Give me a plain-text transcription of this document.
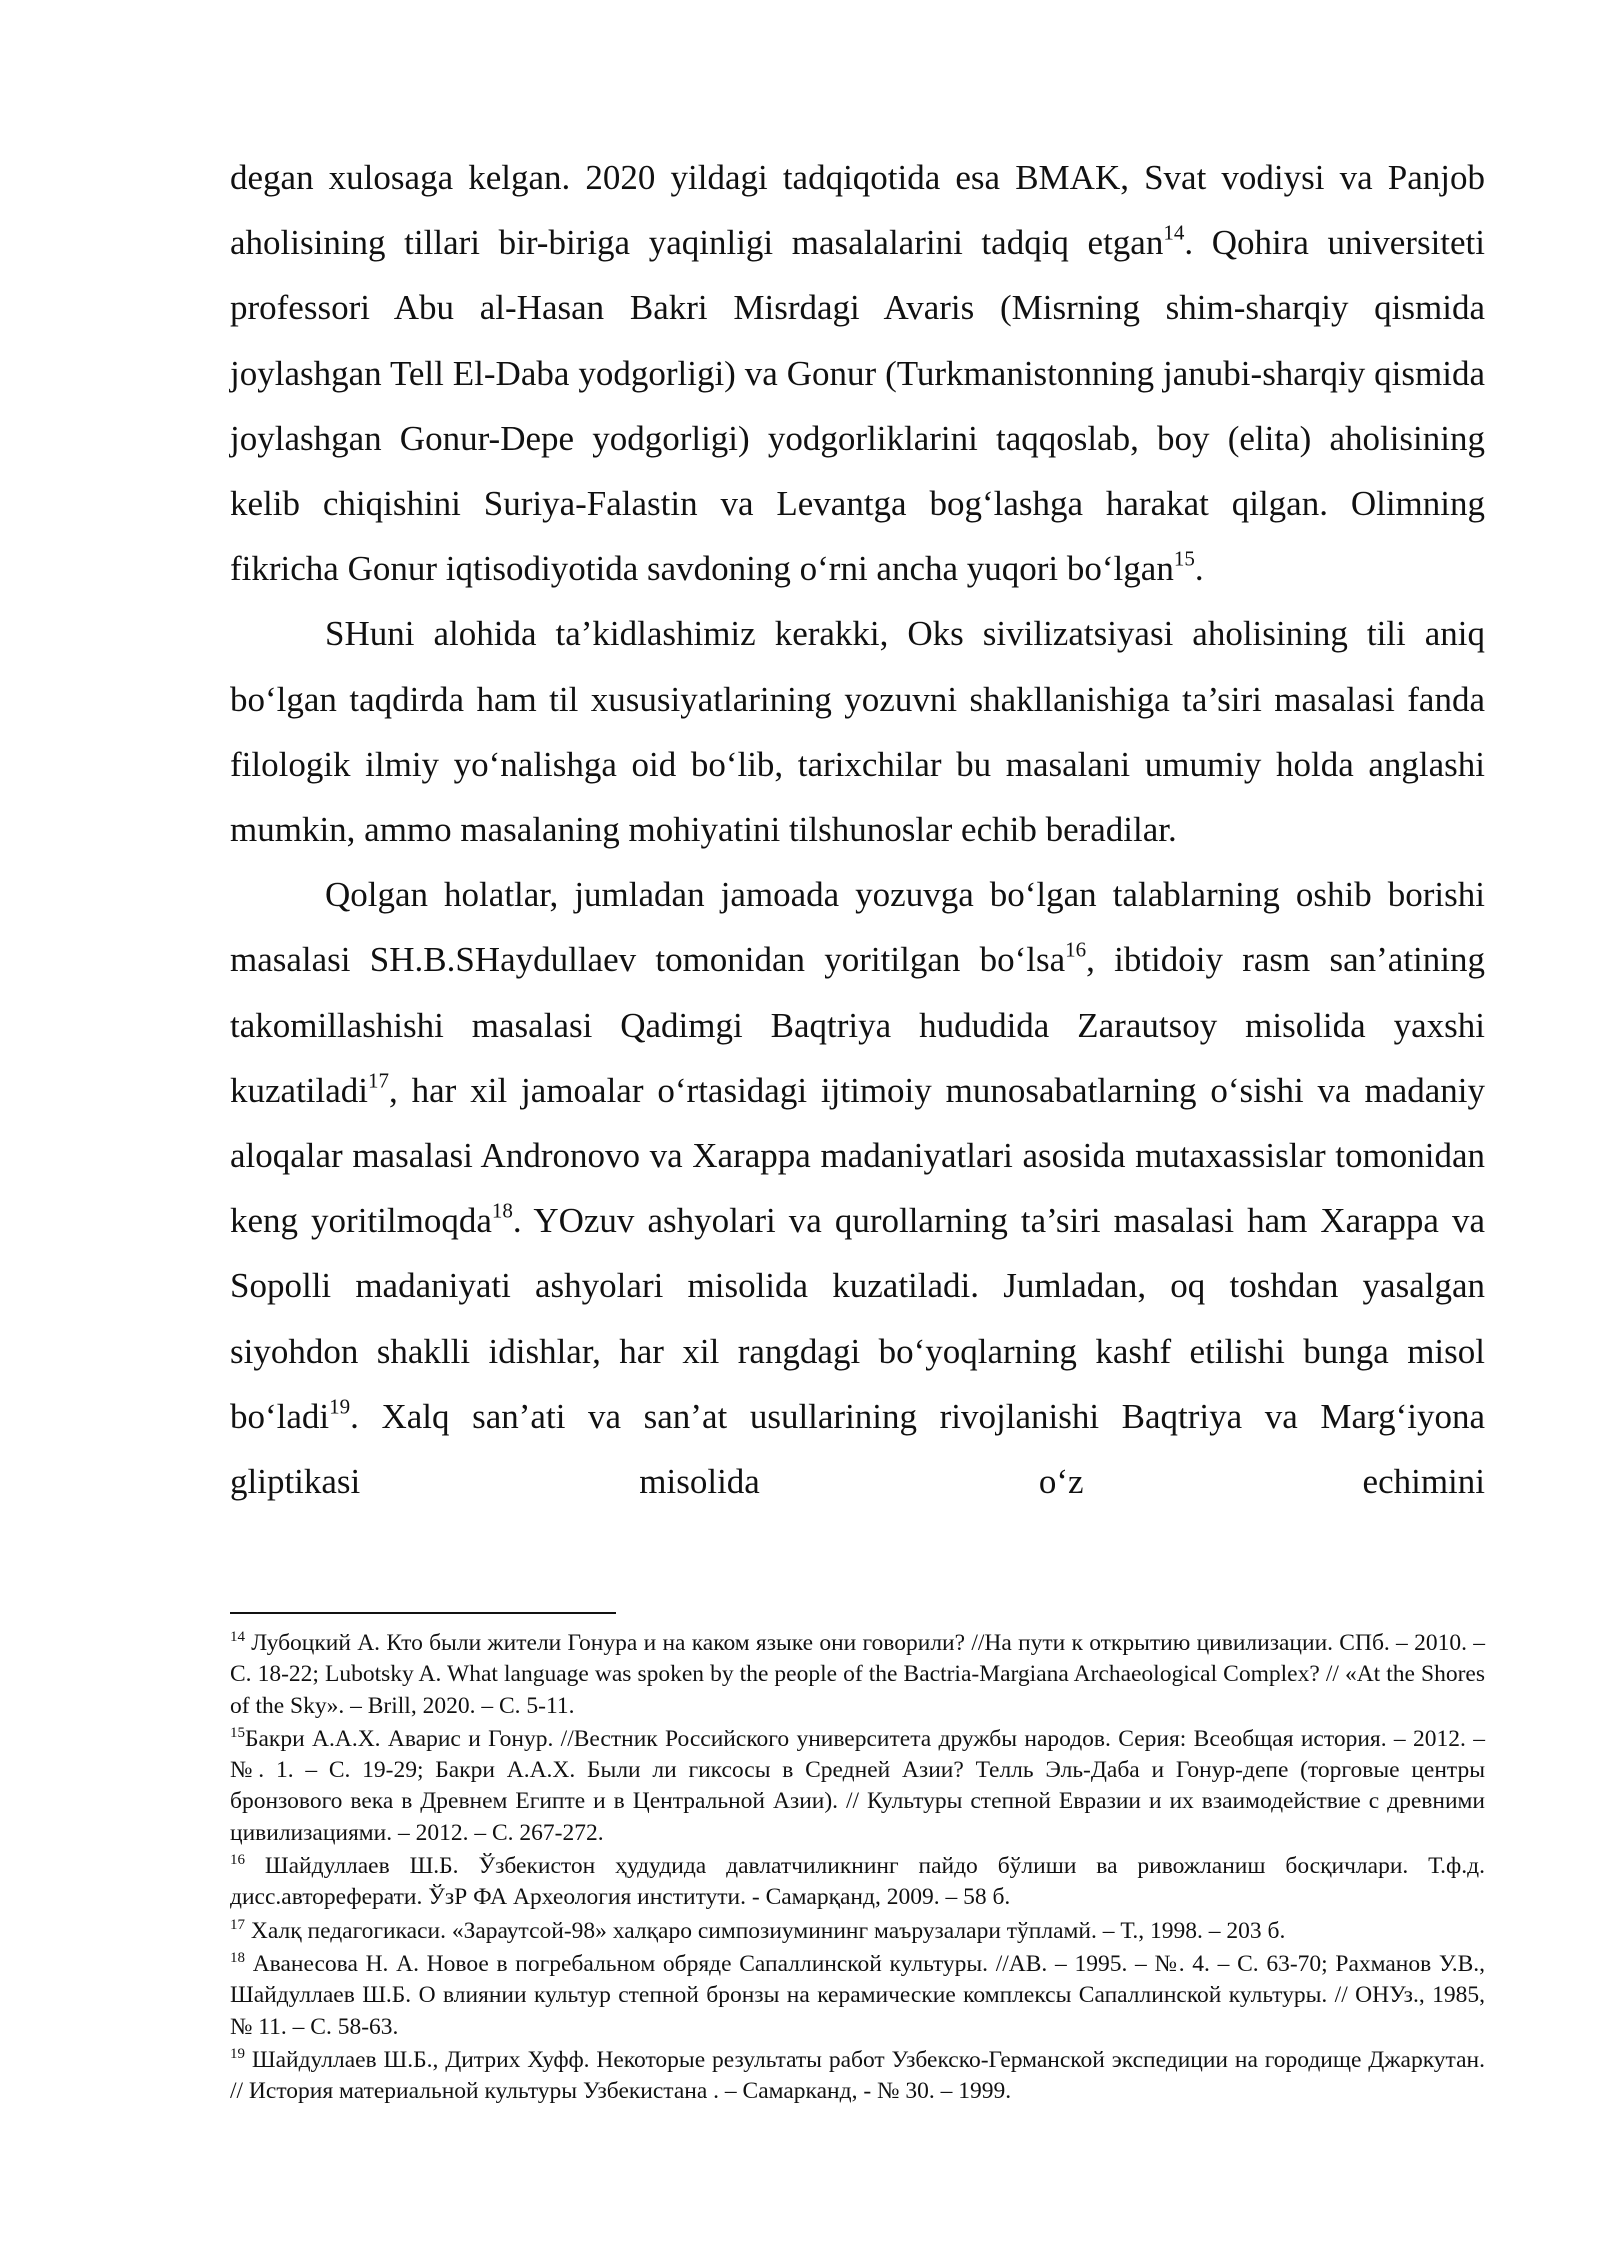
degan xulosaga kelgan. 2020 yildagi tadqiqotida esa BMAK, Svat vodiysi va Panjob aholisining tillari bir-biriga yaqinligi masalalarini tadqiq etgan$^{14}$. Qohira universiteti professori Abu al-Hasan Bakri Misrdagi Avaris (Misrning shim-sharqiy qismida joylashgan Tell El-Daba yodgorligi) va Gonur (Turkmanistonning janubi-sharqiy qismida joylashgan Gonur-Depe yodgorligi) yodgorliklarini taqqoslab, boy (elita) aholisining kelib chiqishini Suriya-Falastin va Levantga bog‘lashga harakat qilgan. Olimning fikricha Gonur iqtisodiyotida savdoning o‘rni ancha yuqori bo‘lgan$^{15}$.

SHuni alohida ta’kidlashimiz kerakki, Oks sivilizatsiyasi aholisining tili aniq bo‘lgan taqdirda ham til xususiyatlarining yozuvni shakllanishiga ta’siri masalasi fanda filologik ilmiy yo‘nalishga oid bo‘lib, tarixchilar bu masalani umumiy holda anglashi mumkin, ammo masalaning mohiyatini tilshunoslar echib beradilar.

Qolgan holatlar, jumladan jamoada yozuvga bo‘lgan talablarning oshib borishi masalasi SH.B.SHaydullaev tomonidan yoritilgan bo‘lsa$^{16}$, ibtidoiy rasm san’atining takomillashishi masalasi Qadimgi Baqtriya hududida Zarautsoy misolida yaxshi kuzatiladi$^{17}$, har xil jamoalar o‘rtasidagi ijtimoiy munosabatlarning o‘sishi va madaniy aloqalar masalasi Andronovo va Xarappa madaniyatlari asosida mutaxassislar tomonidan keng yoritilmoqda$^{18}$. YOzuv ashyolari va qurollarning ta’siri masalasi ham Xarappa va Sopolli madaniyati ashyolari misolida kuzatiladi. Jumladan, oq toshdan yasalgan siyohdon shaklli idishlar, har xil rangdagi bo‘yoqlarning kashf etilishi bunga misol bo‘ladi$^{19}$. Xalq san’ati va san’at usullarining rivojlanishi Baqtriya va Marg‘iyona gliptikasi misolida o‘z echimini

$^{14}$ Лубоцкий А. Кто были жители Гонура и на каком языке они говорили? //На пути к открытию цивилизации. СПб. – 2010. – С. 18-22; Lubotsky A. What language was spoken by the people of the Bactria-Margiana Archaeological Complex? // «At the Shores of the Sky». – Brill, 2020. – С. 5-11.

$^{15}$Бакри А.А.Х. Аварис и Гонур. //Вестник Российского университета дружбы народов. Серия: Всеобщая история. – 2012. – №. 1. – С. 19-29; Бакри А.А.Х. Были ли гиксосы в Средней Азии? Телль Эль-Даба и Гонур-депе (торговые центры бронзового века в Древнем Египте и в Центральной Азии). // Культуры степной Евразии и их взаимодействие с древними цивилизациями. – 2012. – С. 267-272.

$^{16}$ Шайдуллаев Ш.Б. Ўзбекистон ҳудудида давлатчиликнинг пайдо бўлиши ва ривожланиш босқичлари. Т.ф.д. дисс.автореферати. ЎзР ФА Археология институти. - Самарқанд, 2009. – 58 б.

$^{17}$ Халқ педагогикаси. «Зараутсой-98» халқаро симпозиумининг маърузалари тўпламй. – Т., 1998. – 203 б.

$^{18}$ Аванесова Н. А. Новое в погребальном обряде Сапаллинской культуры. //АВ. – 1995. – №. 4. – С. 63-70; Рахманов У.В., Шайдуллаев Ш.Б. О влиянии культур степной бронзы на керамические комплексы Сапаллинской культуры. // ОНУз., 1985, № 11. – С. 58-63.

$^{19}$ Шайдуллаев Ш.Б., Дитрих Хуфф. Некоторые результаты работ Узбекско-Германской экспедиции на городище Джаркутан. // История материальной культуры Узбекистана . – Самарканд, - № 30. – 1999.
